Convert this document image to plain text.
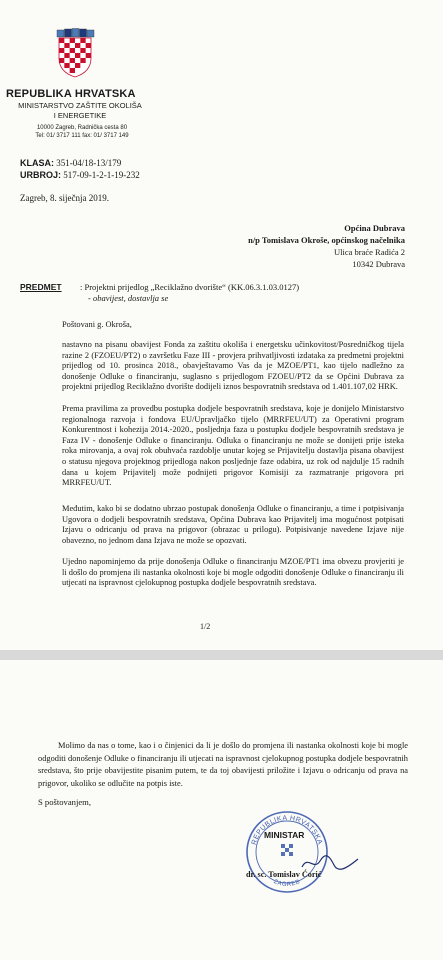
REPUBLIKA HRVATSKA
MINISTARSTVO ZAŠTITE OKOLIŠA
I ENERGETIKE
10000 Zagreb, Radnička cesta 80
Tel: 01/ 3717 111 fax: 01/ 3717 149
KLASA: 351-04/18-13/179
URBROJ: 517-09-1-2-1-19-232
Zagreb, 8. siječnja 2019.
Općina Dubrava
n/p Tomislava Okroše, općinskog načelnika
Ulica braće Radića 2
10342 Dubrava
PREDMET : Projektni prijedlog „Reciklažno dvorište“ (KK.06.3.1.03.0127)
- obavijest, dostavlja se
Poštovani g. Okroša,
nastavno na pisanu obavijest Fonda za zaštitu okoliša i energetsku učinkovitost/Posredničkog tijela razine 2 (FZOEU/PT2) o završetku Faze III - provjera prihvatljivosti izdataka za predmetni projektni prijedlog od 10. prosinca 2018., obavještavamo Vas da je MZOE/PT1, kao tijelo nadležno za donošenje Odluke o financiranju, suglasno s prijedlogom FZOEU/PT2 da se Općini Dubrava za projektni prijedlog Reciklažno dvorište dodijeli iznos bespovratnih sredstava od 1.401.107,02 HRK.
Prema pravilima za provedbu postupka dodjele bespovratnih sredstava, koje je donijelo Ministarstvo regionalnoga razvoja i fondova EU/Upravljačko tijelo (MRRFEU/UT) za Operativni program Konkurentnost i kohezija 2014.-2020., posljednja faza u postupku dodjele bespovratnih sredstava je Faza IV - donošenje Odluke o financiranju. Odluka o financiranju ne može se donijeti prije isteka roka mirovanja, a ovaj rok obuhvaća razdoblje unutar kojeg se Prijavitelju dostavlja pisana obavijest o statusu njegova projektnog prijedloga nakon posljednje faze odabira, uz rok od najdulje 15 radnih dana u kojem Prijavitelj može podnijeti prigovor Komisiji za razmatranje prigovora pri MRRFEU/UT.
Međutim, kako bi se dodatno ubrzao postupak donošenja Odluke o financiranju, a time i potpisivanja Ugovora o dodjeli bespovratnih sredstava, Općina Dubrava kao Prijavitelj ima mogućnost potpisati Izjavu o odricanju od prava na prigovor (obrazac u prilogu). Potpisivanje navedene Izjave nije obavezno, no jednom dana Izjava ne može se opozvati.
Ujedno napominjemo da prije donošenja Odluke o financiranju MZOE/PT1 ima obvezu provjeriti je li došlo do promjena ili nastanka okolnosti koje bi mogle odgoditi donošenje Odluke o financiranju ili utjecati na ispravnost cjelokupnog postupka dodjele bespovratnih sredstava.
1/2
Molimo da nas o tome, kao i o činjenici da li je došlo do promjena ili nastanka okolnosti koje bi mogle odgoditi donošenje Odluke o financiranju ili utjecati na ispravnost cjelokupnog postupka dodjele bespovratnih sredstava, što prije obavijestite pisanim putem, te da toj obavijesti priložite i Izjavu o odricanju od prava na prigovor, ukoliko se odlučite na potpis iste.
S poštovanjem,
REPUBLIKA HRVATSKA
ZAGREB
MINISTAR
dr. sc. Tomislav Ćorić
